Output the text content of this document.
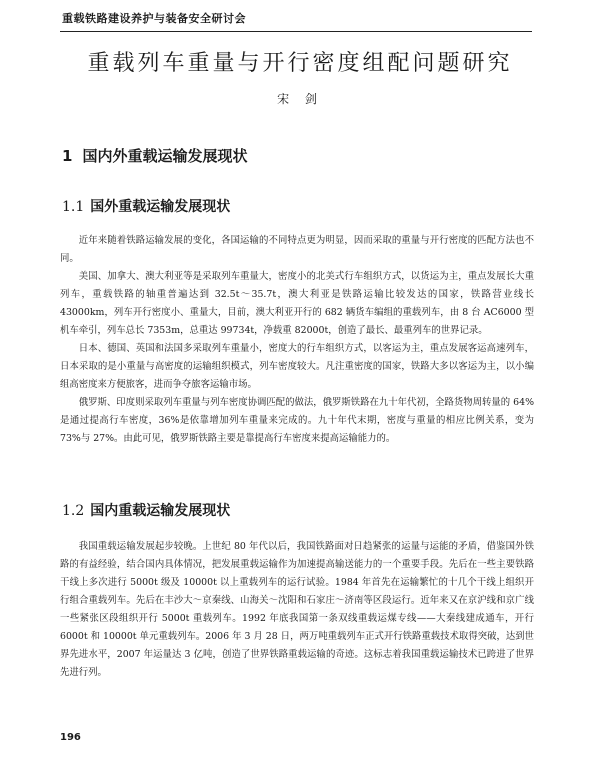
重载铁路建设养护与装备安全研讨会
重载列车重量与开行密度组配问题研究
宋 剑
1 国内外重载运输发展现状
1.1 国外重载运输发展现状

近年来随着铁路运输发展的变化，各国运输的不同特点更为明显，因而采取的重量与开行密度的匹配方法也不同。

美国、加拿大、澳大利亚等是采取列车重量大，密度小的北美式行车组织方式，以货运为主，重点发展长大重列车，重载铁路的轴重普遍达到 32.5t～35.7t，澳大利亚是铁路运输比较发达的国家，铁路营业线长 43000km，列车开行密度小、重量大，目前，澳大利亚开行的 682 辆货车编组的重载列车，由 8 台 AC6000 型机车牵引，列车总长 7353m，总重达 99734t，净载重 82000t，创造了最长、最重列车的世界记录。

日本、德国、英国和法国多采取列车重量小，密度大的行车组织方式，以客运为主，重点发展客运高速列车，日本采取的是小重量与高密度的运输组织模式，列车密度较大。凡注重密度的国家，铁路大多以客运为主，以小编组高密度来方便旅客，进而争夺旅客运输市场。

俄罗斯、印度则采取列车重量与列车密度协调匹配的做法，俄罗斯铁路在九十年代初，全路货物周转量的 64%是通过提高行车密度，36%是依靠增加列车重量来完成的。九十年代末期，密度与重量的相应比例关系，变为 73%与 27%。由此可见，俄罗斯铁路主要是靠提高行车密度来提高运输能力的。

1.2 国内重载运输发展现状

我国重载运输发展起步较晚。上世纪 80 年代以后，我国铁路面对日趋紧张的运量与运能的矛盾，借鉴国外铁路的有益经验，结合国内具体情况，把发展重载运输作为加速提高输送能力的一个重要手段。先后在一些主要铁路干线上多次进行 5000t 级及 10000t 以上重载列车的运行试验。1984 年首先在运输繁忙的十几个干线上组织开行组合重载列车。先后在丰沙大～京秦线、山海关～沈阳和石家庄～济南等区段运行。近年来又在京沪线和京广线一些紧张区段组织开行 5000t 重载列车。1992 年底我国第一条双线重载运煤专线——大秦线建成通车，开行 6000t 和 10000t 单元重载列车。2006 年 3 月 28 日，两万吨重载列车正式开行铁路重载技术取得突破，达到世界先进水平，2007 年运量达 3 亿吨，创造了世界铁路重载运输的奇迹。这标志着我国重载运输技术已跨进了世界先进行列。

196
